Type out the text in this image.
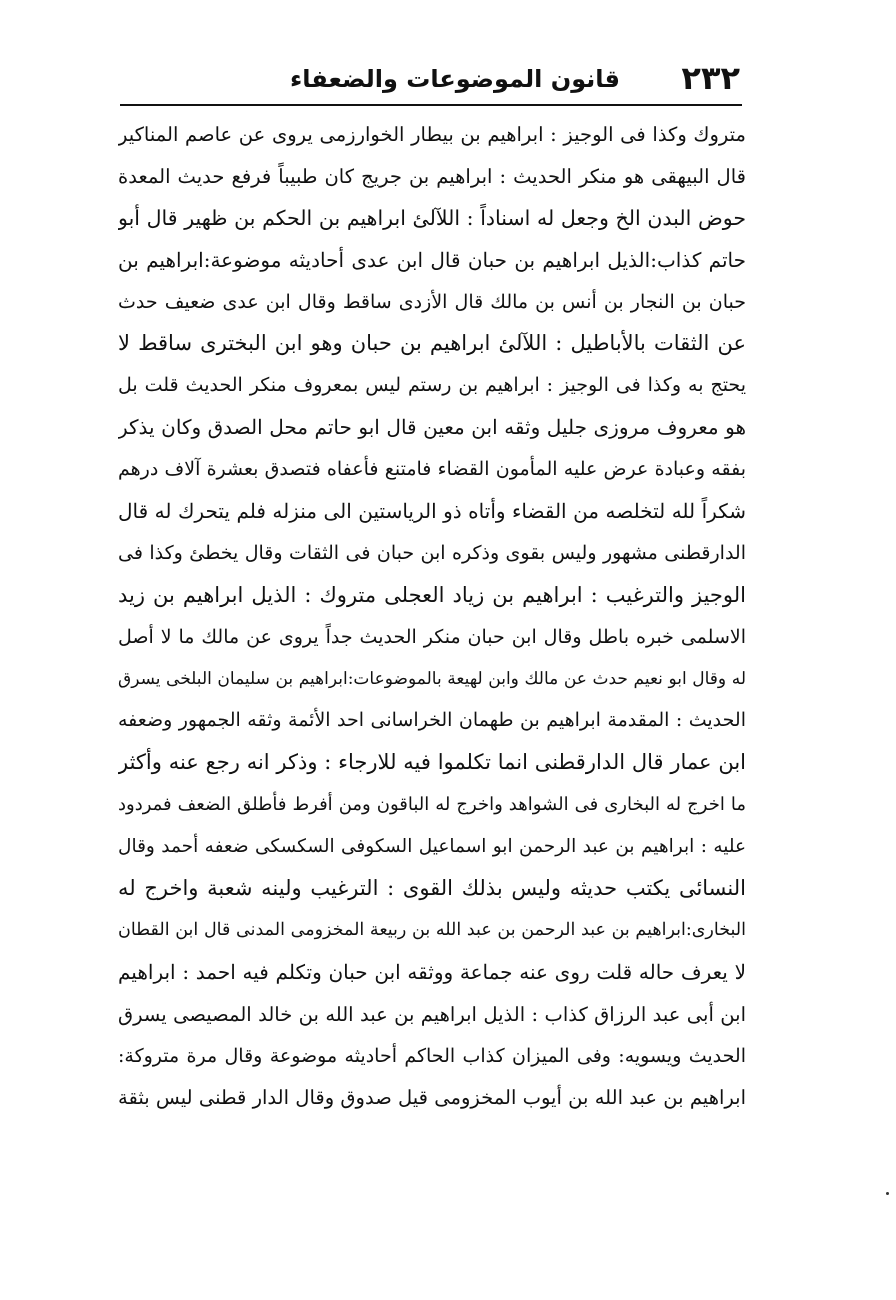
٢٣٢
قانون الموضوعات والضعفاء
متروك وكذا فى الوجيز : ابراهيم بن بيطار الخوارزمى يروى عن عاصم المناكير
قال البيهقى هو منكر الحديث : ابراهيم بن جريج كان طبيباً فرفع حديث المعدة
حوض البدن الخ وجعل له اسناداً : اللآلئ ابراهيم بن الحكم بن ظهير قال أبو
حاتم كذاب:الذيل ابراهيم بن حبان قال ابن عدى أحاديثه موضوعة:ابراهيم بن
حبان بن النجار بن أنس بن مالك قال الأزدى ساقط وقال ابن عدى ضعيف حدث
عن الثقات بالأباطيل : اللآلئ ابراهيم بن حبان وهو ابن البخترى ساقط لا
يحتج به وكذا فى الوجيز : ابراهيم بن رستم ليس بمعروف منكر الحديث قلت بل
هو معروف مروزى جليل وثقه ابن معين قال ابو حاتم محل الصدق وكان يذكر
بفقه وعبادة عرض عليه المأمون القضاء فامتنع فأعفاه فتصدق بعشرة آلاف درهم
شكراً لله لتخلصه من القضاء وأتاه ذو الرياستين الى منزله فلم يتحرك له قال
الدارقطنى مشهور وليس بقوى وذكره ابن حبان فى الثقات وقال يخطئ وكذا فى
الوجيز والترغيب : ابراهيم بن زياد العجلى متروك : الذيل ابراهيم بن زيد
الاسلمى خبره باطل وقال ابن حبان منكر الحديث جداً يروى عن مالك ما لا أصل
له وقال ابو نعيم حدث عن مالك وابن لهيعة بالموضوعات:ابراهيم بن سليمان البلخى يسرق
الحديث : المقدمة ابراهيم بن طهمان الخراسانى احد الأئمة وثقه الجمهور وضعفه
ابن عمار قال الدارقطنى انما تكلموا فيه للارجاء : وذكر انه رجع عنه وأكثر
ما اخرج له البخارى فى الشواهد واخرج له الباقون ومن أفرط فأطلق الضعف فمردود
عليه : ابراهيم بن عبد الرحمن ابو اسماعيل السكوفى السكسكى ضعفه أحمد وقال
النسائى يكتب حديثه وليس بذلك القوى : الترغيب ولينه شعبة واخرج له
البخارى:ابراهيم بن عبد الرحمن بن عبد الله بن ربيعة المخزومى المدنى قال ابن القطان
لا يعرف حاله قلت روى عنه جماعة ووثقه ابن حبان وتكلم فيه احمد : ابراهيم
ابن أبى عبد الرزاق كذاب : الذيل ابراهيم بن عبد الله بن خالد المصيصى يسرق
الحديث ويسويه: وفى الميزان كذاب الحاكم أحاديثه موضوعة وقال مرة متروكة:
ابراهيم بن عبد الله بن أيوب المخزومى قيل صدوق وقال الدار قطنى ليس بثقة
